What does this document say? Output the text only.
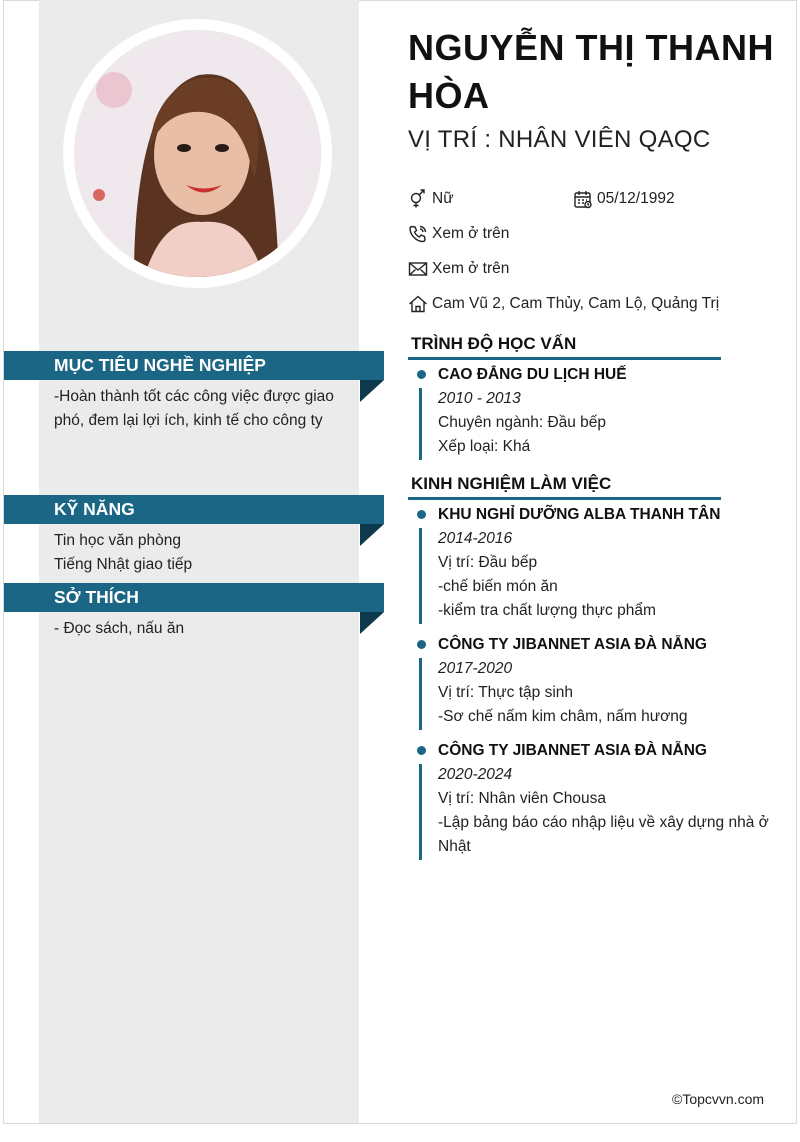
MỤC TIÊU NGHỀ NGHIỆP
-Hoàn thành tốt các công việc được giao phó, đem lại lợi ích, kinh tế cho công ty
KỸ NĂNG
Tin học văn phòng
Tiếng Nhật giao tiếp
SỞ THÍCH
- Đọc sách, nấu ăn
NGUYỄN THỊ THANH HÒA
VỊ TRÍ : NHÂN VIÊN QAQC
Nữ	05/12/1992
Xem ở trên
Xem ở trên
Cam Vũ 2, Cam Thủy, Cam Lộ, Quảng Trị
TRÌNH ĐỘ HỌC VẤN
CAO ĐẲNG DU LỊCH HUẾ
2010 - 2013
Chuyên ngành: Đầu bếp
Xếp loại: Khá
KINH NGHIỆM LÀM VIỆC
KHU NGHỈ DƯỠNG ALBA THANH TÂN
2014-2016
Vị trí: Đầu bếp
-chế biến món ăn
-kiểm tra chất lượng thực phẩm
CÔNG TY JIBANNET ASIA ĐÀ NẴNG
2017-2020
Vị trí: Thực tập sinh
-Sơ chế nấm kim châm, nấm hương
CÔNG TY JIBANNET ASIA ĐÀ NẴNG
2020-2024
Vị trí: Nhân viên Chousa
-Lập bảng báo cáo nhập liệu về xây dựng nhà ở Nhật
©Topcvvn.com
